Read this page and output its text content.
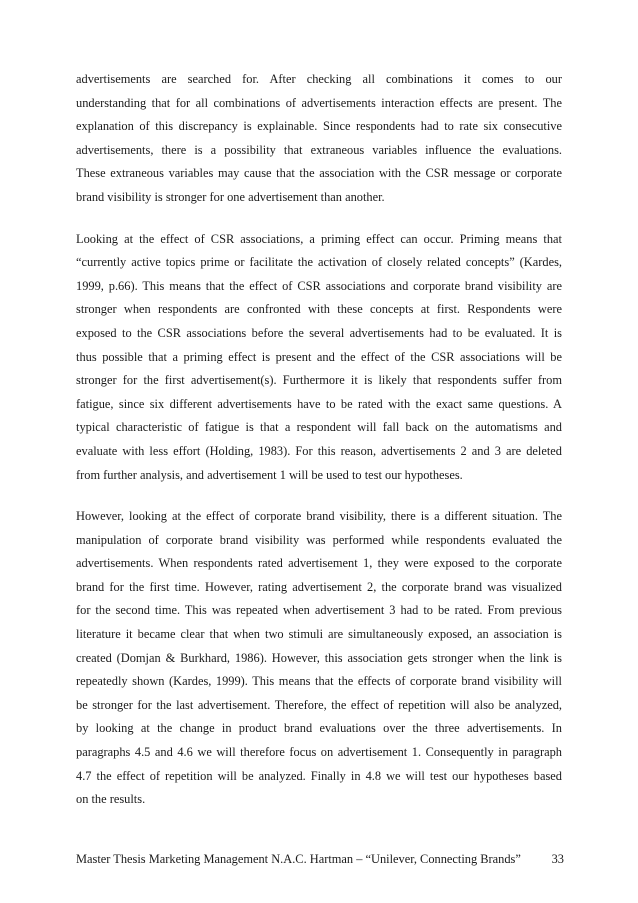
advertisements are searched for. After checking all combinations it comes to our
understanding that for all combinations of advertisements interaction effects are present. The
explanation of this discrepancy is explainable. Since respondents had to rate six consecutive
advertisements, there is a possibility that extraneous variables influence the evaluations.
These extraneous variables may cause that the association with the CSR message or corporate
brand visibility is stronger for one advertisement than another.
Looking at the effect of CSR associations, a priming effect can occur. Priming means that
“currently active topics prime or facilitate the activation of closely related concepts” (Kardes,
1999, p.66). This means that the effect of CSR associations and corporate brand visibility are
stronger when respondents are confronted with these concepts at first. Respondents were
exposed to the CSR associations before the several advertisements had to be evaluated. It is
thus possible that a priming effect is present and the effect of the CSR associations will be
stronger for the first advertisement(s). Furthermore it is likely that respondents suffer from
fatigue, since six different advertisements have to be rated with the exact same questions. A
typical characteristic of fatigue is that a respondent will fall back on the automatisms and
evaluate with less effort (Holding, 1983). For this reason, advertisements 2 and 3 are deleted
from further analysis, and advertisement 1 will be used to test our hypotheses.
However, looking at the effect of corporate brand visibility, there is a different situation. The
manipulation of corporate brand visibility was performed while respondents evaluated the
advertisements. When respondents rated advertisement 1, they were exposed to the corporate
brand for the first time. However, rating advertisement 2, the corporate brand was visualized
for the second time. This was repeated when advertisement 3 had to be rated. From previous
literature it became clear that when two stimuli are simultaneously exposed, an association is
created (Domjan & Burkhard, 1986). However, this association gets stronger when the link is
repeatedly shown (Kardes, 1999). This means that the effects of corporate brand visibility will
be stronger for the last advertisement. Therefore, the effect of repetition will also be analyzed,
by looking at the change in product brand evaluations over the three advertisements. In
paragraphs 4.5 and 4.6 we will therefore focus on advertisement 1. Consequently in paragraph
4.7 the effect of repetition will be analyzed. Finally in 4.8 we will test our hypotheses based
on the results.
Master Thesis Marketing Management N.A.C. Hartman – “Unilever, Connecting Brands” 33
